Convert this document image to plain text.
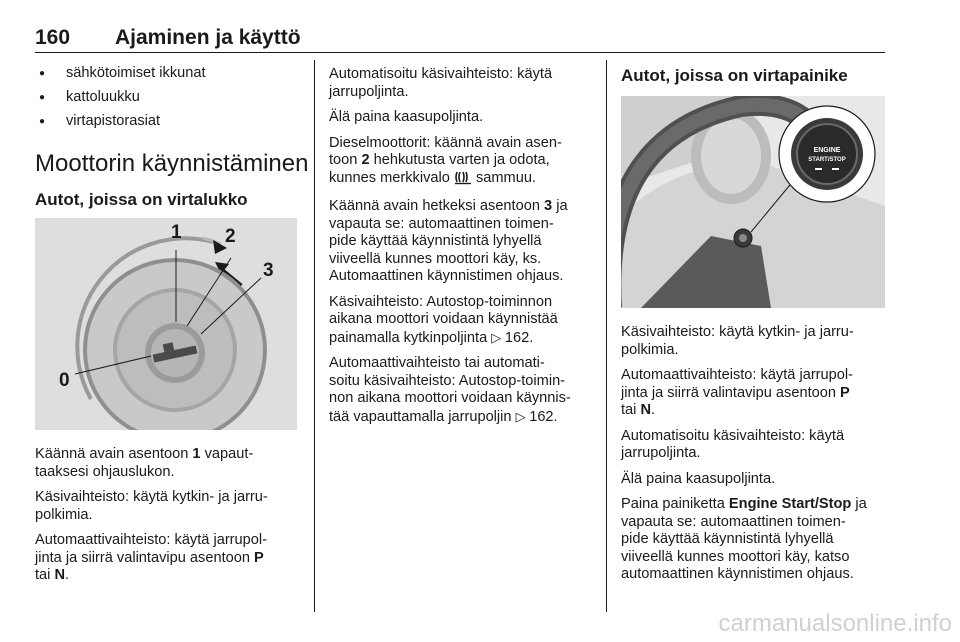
160 Ajaminen ja käyttö
● sähkötoimiset ikkunat
● kattoluukku
● virtapistorasiat
Moottorin käynnistäminen
Autot, joissa on virtalukko
1 2
3
0

Käännä avain asentoon 1 vapaut-
taaksesi ohjauslukon.

Käsivaihteisto: käytä kytkin- ja jarru-
polkimia.

Automaattivaihteisto: käytä jarrupol-
jinta ja siirrä valintavipu asentoon P
tai N.

Automatisoitu käsivaihteisto: käytä
jarrupoljinta.

Älä paina kaasupoljinta.

Dieselmoottorit: käännä avain asen-
toon 2 hehkutusta varten ja odota,
kunnes merkkivalo  sammuu.

Käännä avain hetkeksi asentoon 3 ja
vapauta se: automaattinen toimen-
pide käyttää käynnistintä lyhyellä
viiveellä kunnes moottori käy, ks.
Automaattinen käynnistimen ohjaus.

Käsivaihteisto: Autostop-toiminnon
aikana moottori voidaan käynnistää
painamalla kytkinpoljinta ▷ 162.

Automaattivaihteisto tai automati-
soitu käsivaihteisto: Autostop-toimin-
non aikana moottori voidaan käynnis-
tää vapauttamalla jarrupoljin ▷ 162.

Autot, joissa on virtapainike
ENGINE
START/STOP

Käsivaihteisto: käytä kytkin- ja jarru-
polkimia.

Automaattivaihteisto: käytä jarrupol-
jinta ja siirrä valintavipu asentoon P
tai N.

Automatisoitu käsivaihteisto: käytä
jarrupoljinta.

Älä paina kaasupoljinta.

Paina painiketta Engine Start/Stop ja
vapauta se: automaattinen toimen-
pide käyttää käynnistintä lyhyellä
viiveellä kunnes moottori käy, katso
automaattinen käynnistimen ohjaus.

carmanualsonline.info
